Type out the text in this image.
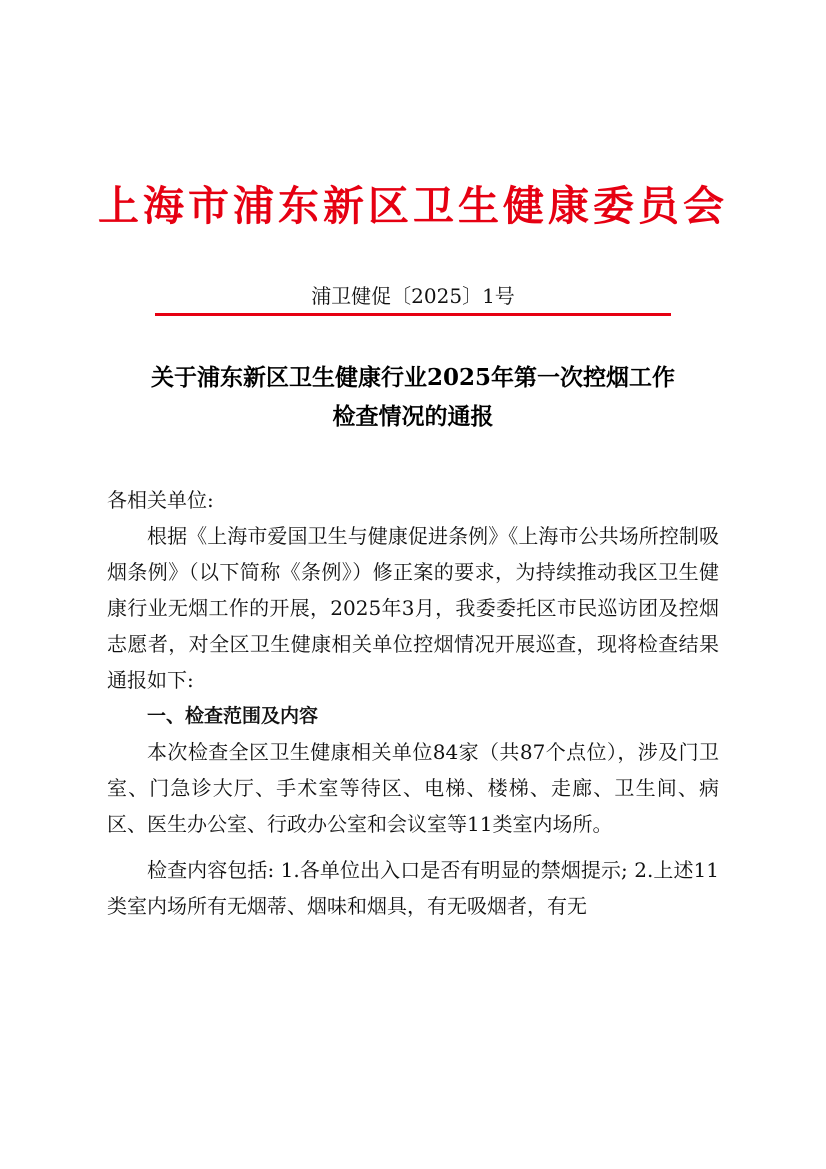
上海市浦东新区卫生健康委员会
浦卫健促〔2025〕1号
关于浦东新区卫生健康行业2025年第一次控烟工作
检查情况的通报

各相关单位:

根据《上海市爱国卫生与健康促进条例》《上海市公共场所控制吸烟条例》（以下简称《条例》）修正案的要求，为持续推动我区卫生健康行业无烟工作的开展，2025年3月，我委委托区市民巡访团及控烟志愿者，对全区卫生健康相关单位控烟情况开展巡查，现将检查结果通报如下:

一、检查范围及内容

本次检查全区卫生健康相关单位84家（共87个点位），涉及门卫室、门急诊大厅、手术室等待区、电梯、楼梯、走廊、卫生间、病区、医生办公室、行政办公室和会议室等11类室内场所。

检查内容包括: 1.各单位出入口是否有明显的禁烟提示; 2.上述11类室内场所有无烟蒂、烟味和烟具，有无吸烟者，有无
